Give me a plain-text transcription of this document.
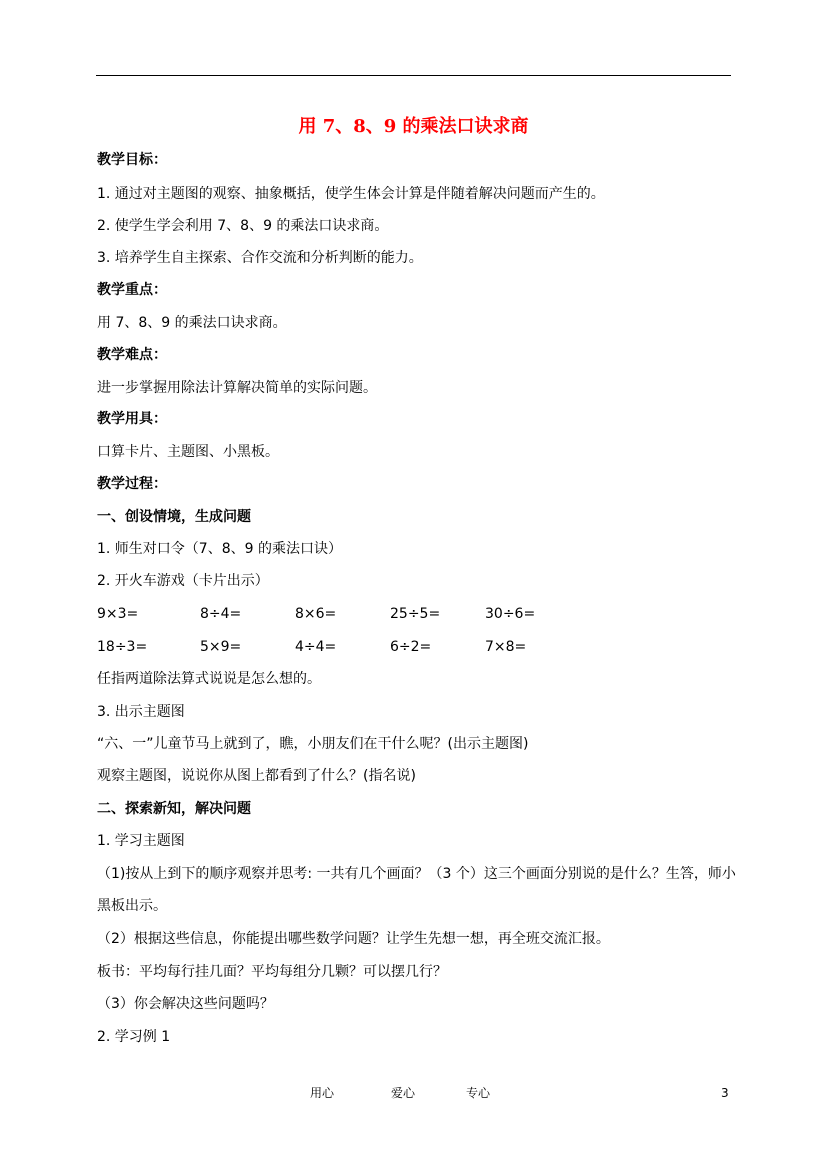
用 7、8、9 的乘法口诀求商
教学目标：
1. 通过对主题图的观察、抽象概括，使学生体会计算是伴随着解决问题而产生的。
2. 使学生学会利用 7、8、9 的乘法口诀求商。
3. 培养学生自主探索、合作交流和分析判断的能力。
教学重点：
用 7、8、9 的乘法口诀求商。
教学难点：
进一步掌握用除法计算解决简单的实际问题。
教学用具：
口算卡片、主题图、小黑板。
教学过程：
一、创设情境，生成问题
1. 师生对口令（7、8、9 的乘法口诀）
2. 开火车游戏（卡片出示）
9×3=	8÷4=	8×6=	25÷5=	30÷6=
18÷3=	5×9=	4÷4=	6÷2=	7×8=
任指两道除法算式说说是怎么想的。
3. 出示主题图
“六、一”儿童节马上就到了，瞧，小朋友们在干什么呢？(出示主题图)
观察主题图，说说你从图上都看到了什么？(指名说)
二、探索新知，解决问题
1. 学习主题图
（1)按从上到下的顺序观察并思考: 一共有几个画面？（3 个）这三个画面分别说的是什么？生答，师小黑板出示。
（2）根据这些信息，你能提出哪些数学问题？让学生先想一想，再全班交流汇报。
板书：平均每行挂几面？平均每组分几颗？可以摆几行？
（3）你会解决这些问题吗？
2. 学习例 1
用心	爱心	专心	3
